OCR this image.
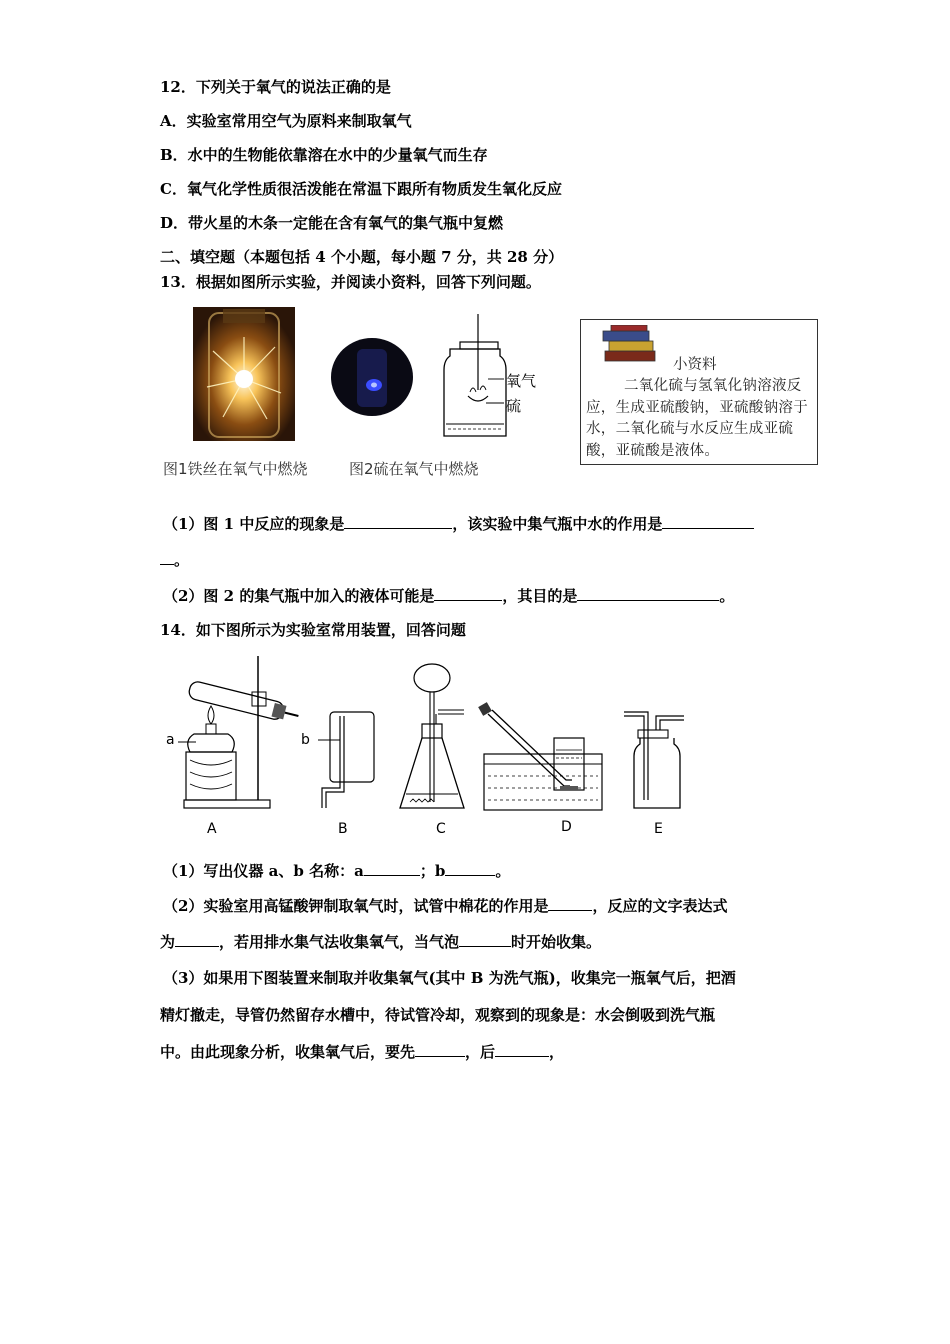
12．下列关于氧气的说法正确的是
A．实验室常用空气为原料来制取氧气
B．水中的生物能依靠溶在水中的少量氧气而生存
C．氧气化学性质很活泼能在常温下跟所有物质发生氧化反应
D．带火星的木条一定能在含有氧气的集气瓶中复燃
二、填空题（本题包括 4 个小题，每小题 7 分，共 28 分）
13．根据如图所示实验，并阅读小资料，回答下列问题。
氧气
硫
图1铁丝在氧气中燃烧	图2硫在氧气中燃烧
小资料
二氧化硫与氢氧化钠溶液反应，生成亚硫酸钠，亚硫酸钠溶于水，二氧化硫与水反应生成亚硫酸，亚硫酸是液体。
（1）图 1 中反应的现象是	，该实验中集气瓶中水的作用是
。
（2）图 2 的集气瓶中加入的液体可能是	，其目的是	。
14．如下图所示为实验室常用装置，回答问题
a	b
A	B	C	D	E
（1）写出仪器 a、b 名称：a	；b	。
（2）实验室用高锰酸钾制取氧气时，试管中棉花的作用是	，反应的文字表达式
为	，若用排水集气法收集氧气，当气泡	时开始收集。
（3）如果用下图装置来制取并收集氧气(其中 B 为洗气瓶)，收集完一瓶氧气后，把酒
精灯撤走，导管仍然留存水槽中，待试管冷却，观察到的现象是：水会倒吸到洗气瓶
中。由此现象分析，收集氧气后，要先	，后	，
